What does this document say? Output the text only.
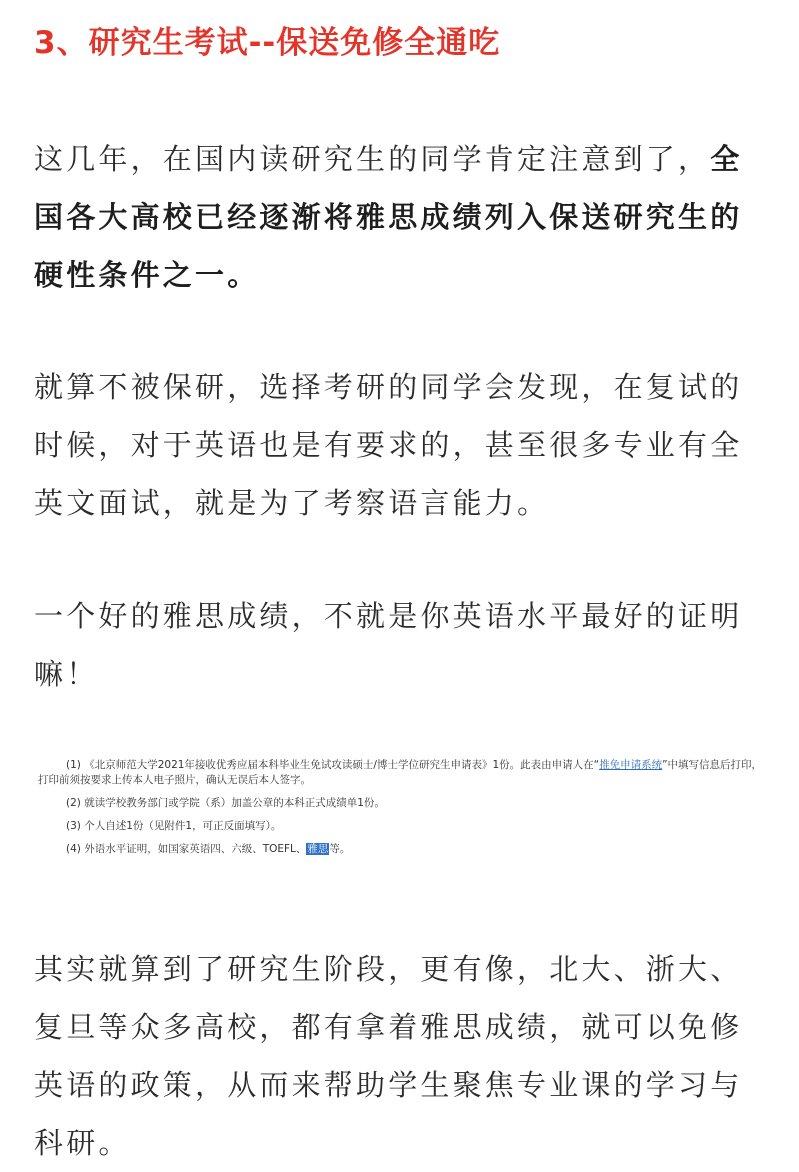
3、研究生考试--保送免修全通吃
这几年，在国内读研究生的同学肯定注意到了，全国各大高校已经逐渐将雅思成绩列入保送研究生的硬性条件之一。
就算不被保研，选择考研的同学会发现，在复试的时候，对于英语也是有要求的，甚至很多专业有全英文面试，就是为了考察语言能力。
一个好的雅思成绩，不就是你英语水平最好的证明嘛！
(1) 《北京师范大学2021年接收优秀应届本科毕业生免试攻读硕士/博士学位研究生申请表》1份。此表由申请人在“推免申请系统”中填写信息后打印，打印前须按要求上传本人电子照片，确认无误后本人签字。
(2) 就读学校教务部门或学院（系）加盖公章的本科正式成绩单1份。
(3) 个人自述1份（见附件1，可正反面填写）。
(4) 外语水平证明，如国家英语四、六级、TOEFL、雅思等。
其实就算到了研究生阶段，更有像，北大、浙大、复旦等众多高校，都有拿着雅思成绩，就可以免修英语的政策，从而来帮助学生聚焦专业课的学习与科研。
